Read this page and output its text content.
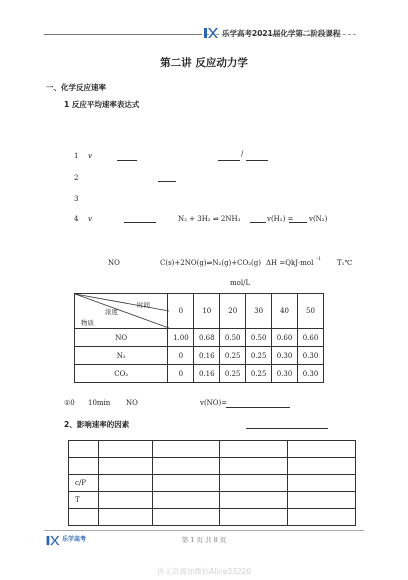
乐学高考2021届化学第二阶段课程
第二讲 反应动力学
一、化学反应速率
1 反应平均速率表达式
1 v	/
2
3
4 v	N₂ + 3H₂ ⇌ 2NH₃	v(H₂) = v(N₂)
NO	C(s)+2NO(g)⇌N₂(g)+CO₂(g) ΔH =QkJ·mol -1 T₁℃
mol/L
浓度
时间
物质	0	10	20	30	40	50
NO	1.00	0.68	0.50	0.50	0.60	0.60
N₂	0	0.16	0.25	0.25	0.30	0.30
CO₂	0	0.16	0.25	0.25	0.30	0.30
①0 10min NO	v(NO)=
2、影响速率的因素

c/P				
T				

乐学高考	第 1 页 共 8 页
讲义资源加微信Alice33220
